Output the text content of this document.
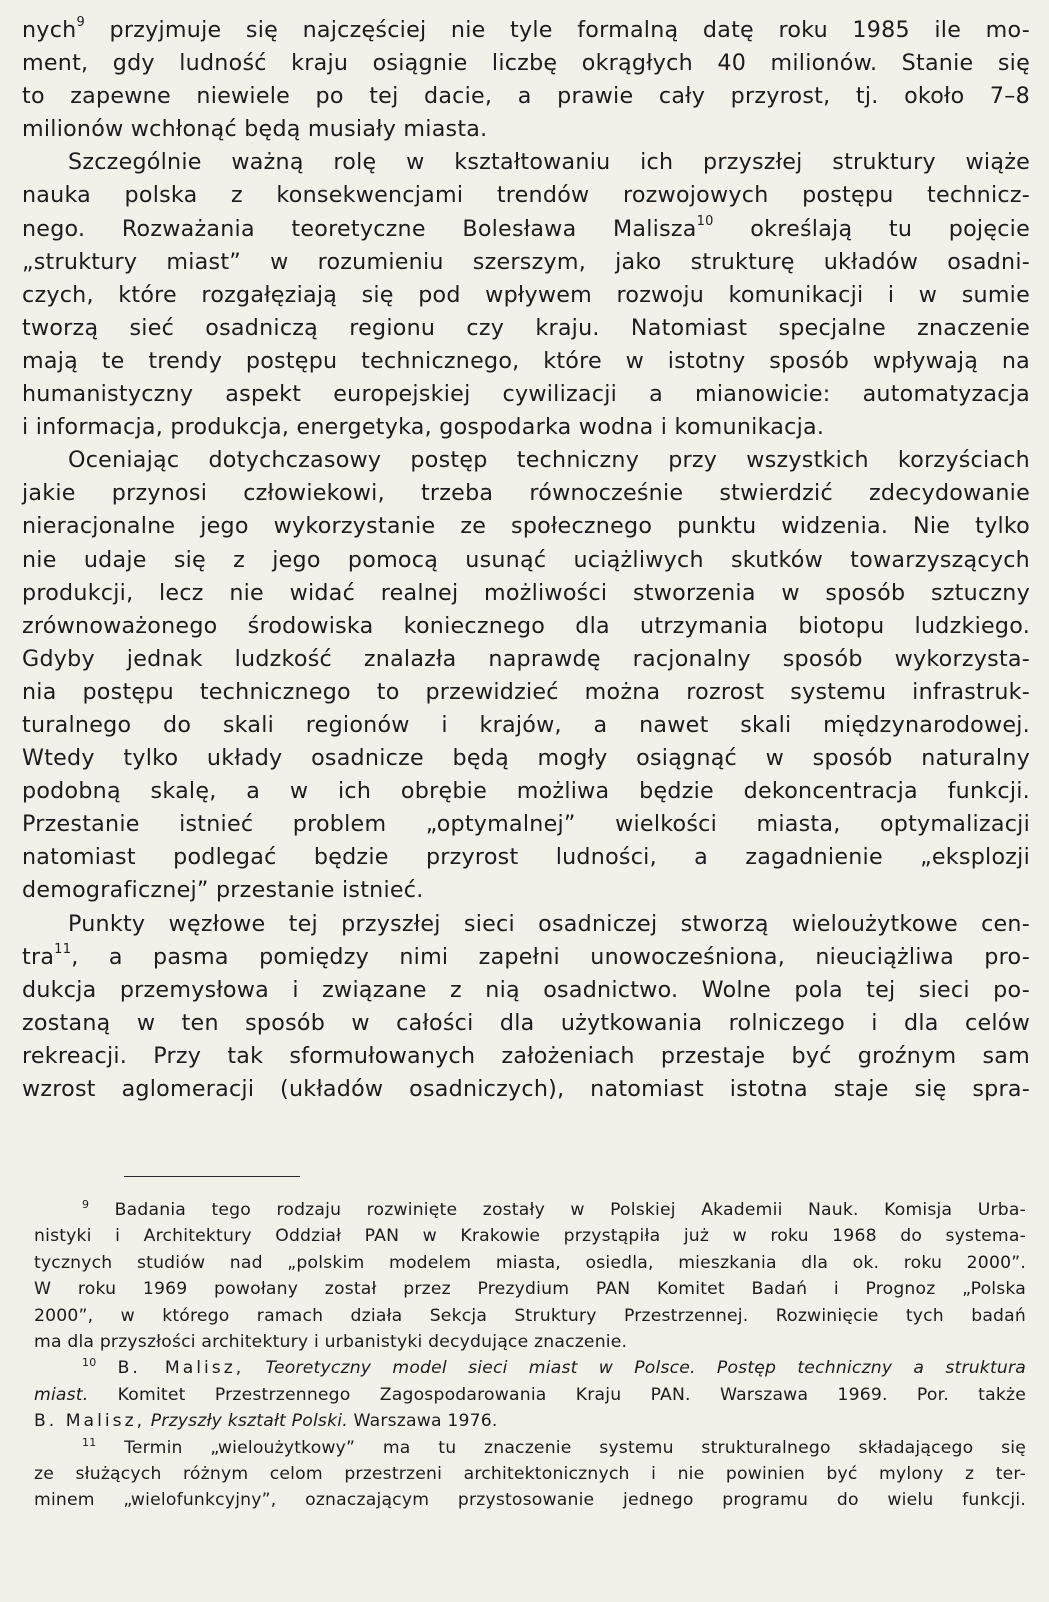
nych$^9$ przyjmuje się najczęściej nie tyle formalną datę roku 1985 ile mo-
ment, gdy ludność kraju osiągnie liczbę okrągłych 40 milionów. Stanie się
to zapewne niewiele po tej dacie, a prawie cały przyrost, tj. około 7–8
milionów wchłonąć będą musiały miasta.
Szczególnie ważną rolę w kształtowaniu ich przyszłej struktury wiąże
nauka polska z konsekwencjami trendów rozwojowych postępu technicz-
nego. Rozważania teoretyczne Bolesława Malisza$^{10}$ określają tu pojęcie
„struktury miast” w rozumieniu szerszym, jako strukturę układów osadni-
czych, które rozgałęziają się pod wpływem rozwoju komunikacji i w sumie
tworzą sieć osadniczą regionu czy kraju. Natomiast specjalne znaczenie
mają te trendy postępu technicznego, które w istotny sposób wpływają na
humanistyczny aspekt europejskiej cywilizacji a mianowicie: automatyzacja
i informacja, produkcja, energetyka, gospodarka wodna i komunikacja.
Oceniając dotychczasowy postęp techniczny przy wszystkich korzyściach
jakie przynosi człowiekowi, trzeba równocześnie stwierdzić zdecydowanie
nieracjonalne jego wykorzystanie ze społecznego punktu widzenia. Nie tylko
nie udaje się z jego pomocą usunąć uciążliwych skutków towarzyszących
produkcji, lecz nie widać realnej możliwości stworzenia w sposób sztuczny
zrównoważonego środowiska koniecznego dla utrzymania biotopu ludzkiego.
Gdyby jednak ludzkość znalazła naprawdę racjonalny sposób wykorzysta-
nia postępu technicznego to przewidzieć można rozrost systemu infrastruk-
turalnego do skali regionów i krajów, a nawet skali międzynarodowej.
Wtedy tylko układy osadnicze będą mogły osiągnąć w sposób naturalny
podobną skalę, a w ich obrębie możliwa będzie dekoncentracja funkcji.
Przestanie istnieć problem „optymalnej” wielkości miasta, optymalizacji
natomiast podlegać będzie przyrost ludności, a zagadnienie „eksplozji
demograficznej” przestanie istnieć.
Punkty węzłowe tej przyszłej sieci osadniczej stworzą wielоużytkowe cen-
tra$^{11}$, a pasma pomiędzy nimi zapełni unowocześniona, nieuciążliwa pro-
dukcja przemysłowa i związane z nią osadnictwo. Wolne pola tej sieci po-
zostaną w ten sposób w całości dla użytkowania rolniczego i dla celów
rekreacji. Przy tak sformułowanych założeniach przestaje być groźnym sam
wzrost aglomeracji (układów osadniczych), natomiast istotna staje się spra-
$^9$ Badania tego rodzaju rozwinięte zostały w Polskiej Akademii Nauk. Komisja Urba-
nistyki i Architektury Oddział PAN w Krakowie przystąpiła już w roku 1968 do systema-
tycznych studiów nad „polskim modelem miasta, osiedla, mieszkania dla ok. roku 2000”.
W roku 1969 powołany został przez Prezydium PAN Komitet Badań i Prognoz „Polska
2000”, w którego ramach działa Sekcja Struktury Przestrzennej. Rozwinięcie tych badań
ma dla przyszłości architektury i urbanistyki decydujące znaczenie.
$^{10}$ B. Malisz, Teoretyczny model sieci miast w Polsce. Postęp techniczny a struktura
miast. Komitet Przestrzennego Zagospodarowania Kraju PAN. Warszawa 1969. Por. także
B. Malisz, Przyszły kształt Polski. Warszawa 1976.
$^{11}$ Termin „wielоużytkowy” ma tu znaczenie systemu strukturalnego składającego się
ze służących różnym celom przestrzeni architektonicznych i nie powinien być mylony z ter-
minem „wielofunkcyjny”, oznaczającym przystosowanie jednego programu do wielu funkcji.
